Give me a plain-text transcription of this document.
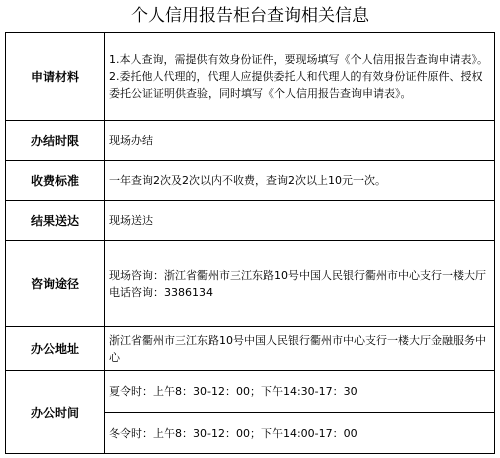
个人信用报告柜台查询相关信息
申请材料	1.本人查询，需提供有效身份证件，要现场填写《个人信用报告查询申请表》。
2.委托他人代理的，代理人应提供委托人和代理人的有效身份证件原件、授权委托公证证明供查验，同时填写《个人信用报告查询申请表》。

办结时限	现场办结
收费标准	一年查询2次及2次以内不收费，查询2次以上10元一次。
结果送达	现场送达
咨询途径	现场咨询：浙江省衢州市三江东路10号中国人民银行衢州市中心支行一楼大厅
电话咨询：3386134

办公地址	浙江省衢州市三江东路10号中国人民银行衢州市中心支行一楼大厅金融服务中心
办公时间	夏令时：上午8：30-12：00；下午14:30-17：30
冬令时：上午8：30-12：00；下午14:00-17：00
